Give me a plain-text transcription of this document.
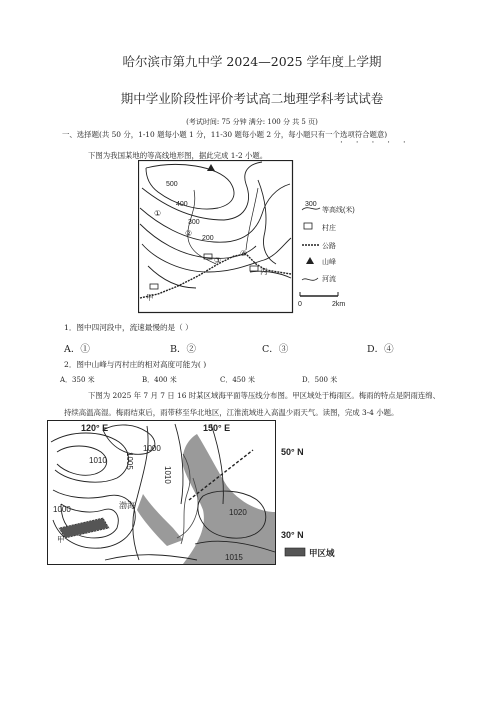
哈尔滨市第九中学 2024—2025 学年度上学期
期中学业阶段性评价考试高二地理学科考试试卷
(考试时间: 75 分钟 满分: 100 分 共 5 页)
一、选择题(共 50 分，1-10 题每小题 1 分，11-30 题每小题 2 分，每小题只有一个选项符合题意)
· · · · ·
下图为我国某地的等高线地形图，据此完成 1-2 小题。
500
400
300
200
①
②
③
④
甲
丙
300
等高线(米)
村庄
公路
山峰
河流
0	2km
1．图中四河段中，流速最慢的是（ ）
A．①	B．②	C．③	D．④
2．图中山峰与丙村庄的相对高度可能为( )
A．350 米	B．400 米	C．450 米	D．500 米
下图为 2025 年 7 月 7 日 16 时某区域海平面等压线分布图。甲区域处于梅雨区。梅雨的特点是阴雨连绵、
持续高温高湿。梅雨结束后，雨带移至华北地区，江淮流域进入高温少雨天气。读图，完成 3-4 小题。
120° E	150° E
50° N
30° N
1010
1000
1005
1010
1000	1020
1015
渤海
甲
甲区域
